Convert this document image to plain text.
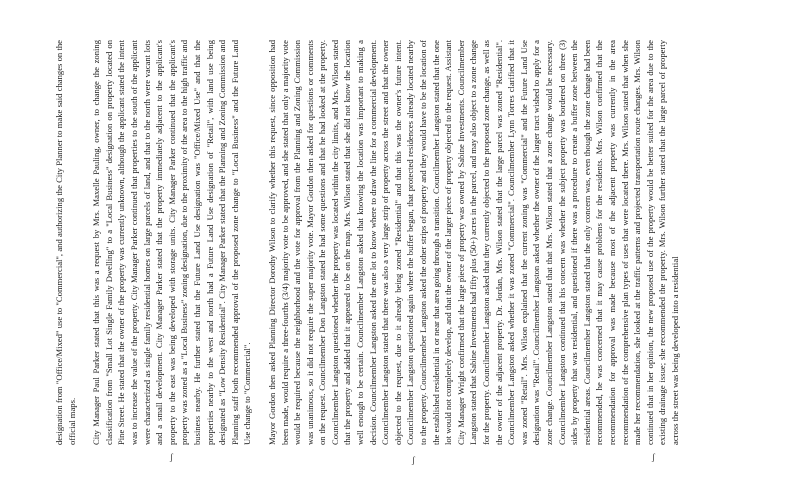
designation from "Office/Mixed" use to "Commercial", and authorizing the City Planner to make said changes on the official maps. City Manager Paul Parker stated that this was a request by Mrs. Maxelle Pauling, owner, to change the zoning classification from "Small Lot Single Family Dwelling" to a "Local Business" designation on property located on Pine Street. He stated that the owner of the property was currently unknown, although the applicant stated the intent was to increase the value of the property. City Manager Parker continued that properties to the south of the applicant were characterized as single family residential homes on large parcels of land, and that to the north were vacant lots and a small development. City Manager Parker stated that the property immediately adjacent to the applicant's property to the east was being developed with storage units. City Manager Parker continued that the applicant's property was zoned as a "Local Business" zoning designation, due to the proximity of the area to the high traffic and business nearby. He further stated that the Future Land Use designation was "Office/Mixed Use" and that the properties nearby to the west and north had a Future Land Use designation of "Retail", with land use being designated as "Low Density Residential". City Manager Parker stated that the Planning and Zoning Commission and Planning staff both recommended approval of the proposed zone change to "Local Business" and the Future Land Use change to "Commercial". Mayor Gordon then asked Planning Director Dorothy Wilson to clarify whether this request, since opposition had been made, would require a three-fourths (3/4) majority vote to be approved, and she stated that only a majority vote would be required because the neighborhood and the vote for approval from the Planning and Zoning Commission was unanimous, so it did not require the super majority vote. Mayor Gordon then asked for questions or comments on the request. Councilmember Don Langston stated he had some questions and that he had looked at the property. Councilmember Langston questioned whether the property was located within the city limits, and Mrs. Wilson stated that the property and added that it appeared to be on the map. Mrs. Wilson stated that she did not know the location well enough to be certain. Councilmember Langston asked that knowing the location was important to making a decision. Councilmember Langston asked the one lot to know where to draw the line for a commercial development. Councilmember Langston stated that there was also a very large strip of property across the street and that the owner objected to the request, due to it already being zoned "Residential" and that this was the owner's future intent. Councilmember Langston questioned again where the buffer began, that protected residences already located nearby to the property. Councilmember Langston asked the other strips of property and they would have to be the location of the established residential in or near that area going through a transition. Councilmember Langston stated that the one lot would not completely develop, and that the owner of the larger piece of property objected to the request. Assistant City Manager Wright confirmed that the large piece of property was owned by Sabine Investments. Councilmember Langston stated that Sabine Investments had fifty plus (50+) acres in the parcel, and may also object to a zone change for the property. Councilmember Langston asked that they currently objected to the proposed zone change, as well as the owner of the adjacent property. Dr. Jordan, Mrs. Wilson stated that the large parcel was zoned "Residential". Councilmember Langston asked whether it was zoned "Commercial". Councilmember Lynn Torres clarified that it was zoned "Retail". Mrs. Wilson explained that the current zoning was "Commercial" and the Future Land Use designation was "Retail". Councilmember Langston asked whether the owner of the larger tract wished to apply for a zone change. Councilmember Langston stated that that Mrs. Wilson stated that a zone change would be necessary. Councilmember Langston continued that his concern was whether the subject property was bordered on three (3) sides by property that was residential, and questioned if there was a procedure to create a buffer zone between the residential areas. Councilmember Langston stated that the only concern was, even though the zone change had been recommended, he was concerned that it may cause problems for the residents. Mrs. Wilson confirmed that the recommendation for approval was made because most of the adjacent property was currently in the area recommendation of the comprehensive plan types of uses that were located there. Mrs. Wilson stated that when she made her recommendation, she looked at the traffic patterns and projected transportation route changes. Mrs. Wilson continued that in her opinion, the new proposed use of the property would be better suited for the area due to the existing drainage issue; she recommended the property. Mrs. Wilson further stated that the large parcel of property across the street was being developed into a residential

ʃ	ʃ	ʃ
